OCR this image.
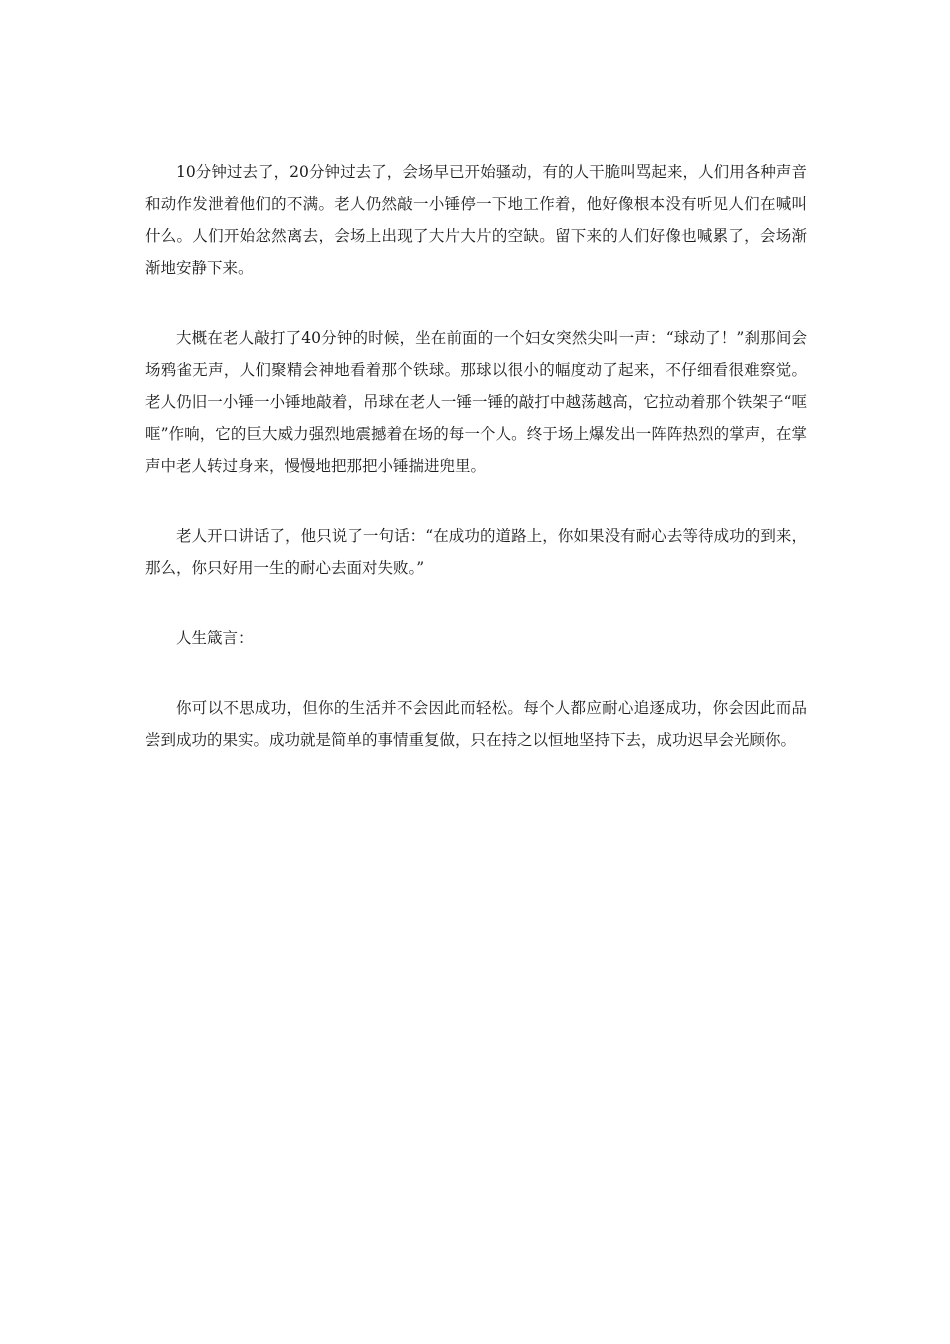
10分钟过去了，20分钟过去了，会场早已开始骚动，有的人干脆叫骂起来，人们用各种声音和动作发泄着他们的不满。老人仍然敲一小锤停一下地工作着，他好像根本没有听见人们在喊叫什么。人们开始忿然离去，会场上出现了大片大片的空缺。留下来的人们好像也喊累了，会场渐渐地安静下来。

大概在老人敲打了40分钟的时候，坐在前面的一个妇女突然尖叫一声：“球动了！”刹那间会场鸦雀无声，人们聚精会神地看着那个铁球。那球以很小的幅度动了起来，不仔细看很难察觉。老人仍旧一小锤一小锤地敲着，吊球在老人一锤一锤的敲打中越荡越高，它拉动着那个铁架子“哐哐”作响，它的巨大威力强烈地震撼着在场的每一个人。终于场上爆发出一阵阵热烈的掌声，在掌声中老人转过身来，慢慢地把那把小锤揣进兜里。

老人开口讲话了，他只说了一句话：“在成功的道路上，你如果没有耐心去等待成功的到来，那么，你只好用一生的耐心去面对失败。”

人生箴言：

你可以不思成功，但你的生活并不会因此而轻松。每个人都应耐心追逐成功，你会因此而品尝到成功的果实。成功就是简单的事情重复做，只在持之以恒地坚持下去，成功迟早会光顾你。
